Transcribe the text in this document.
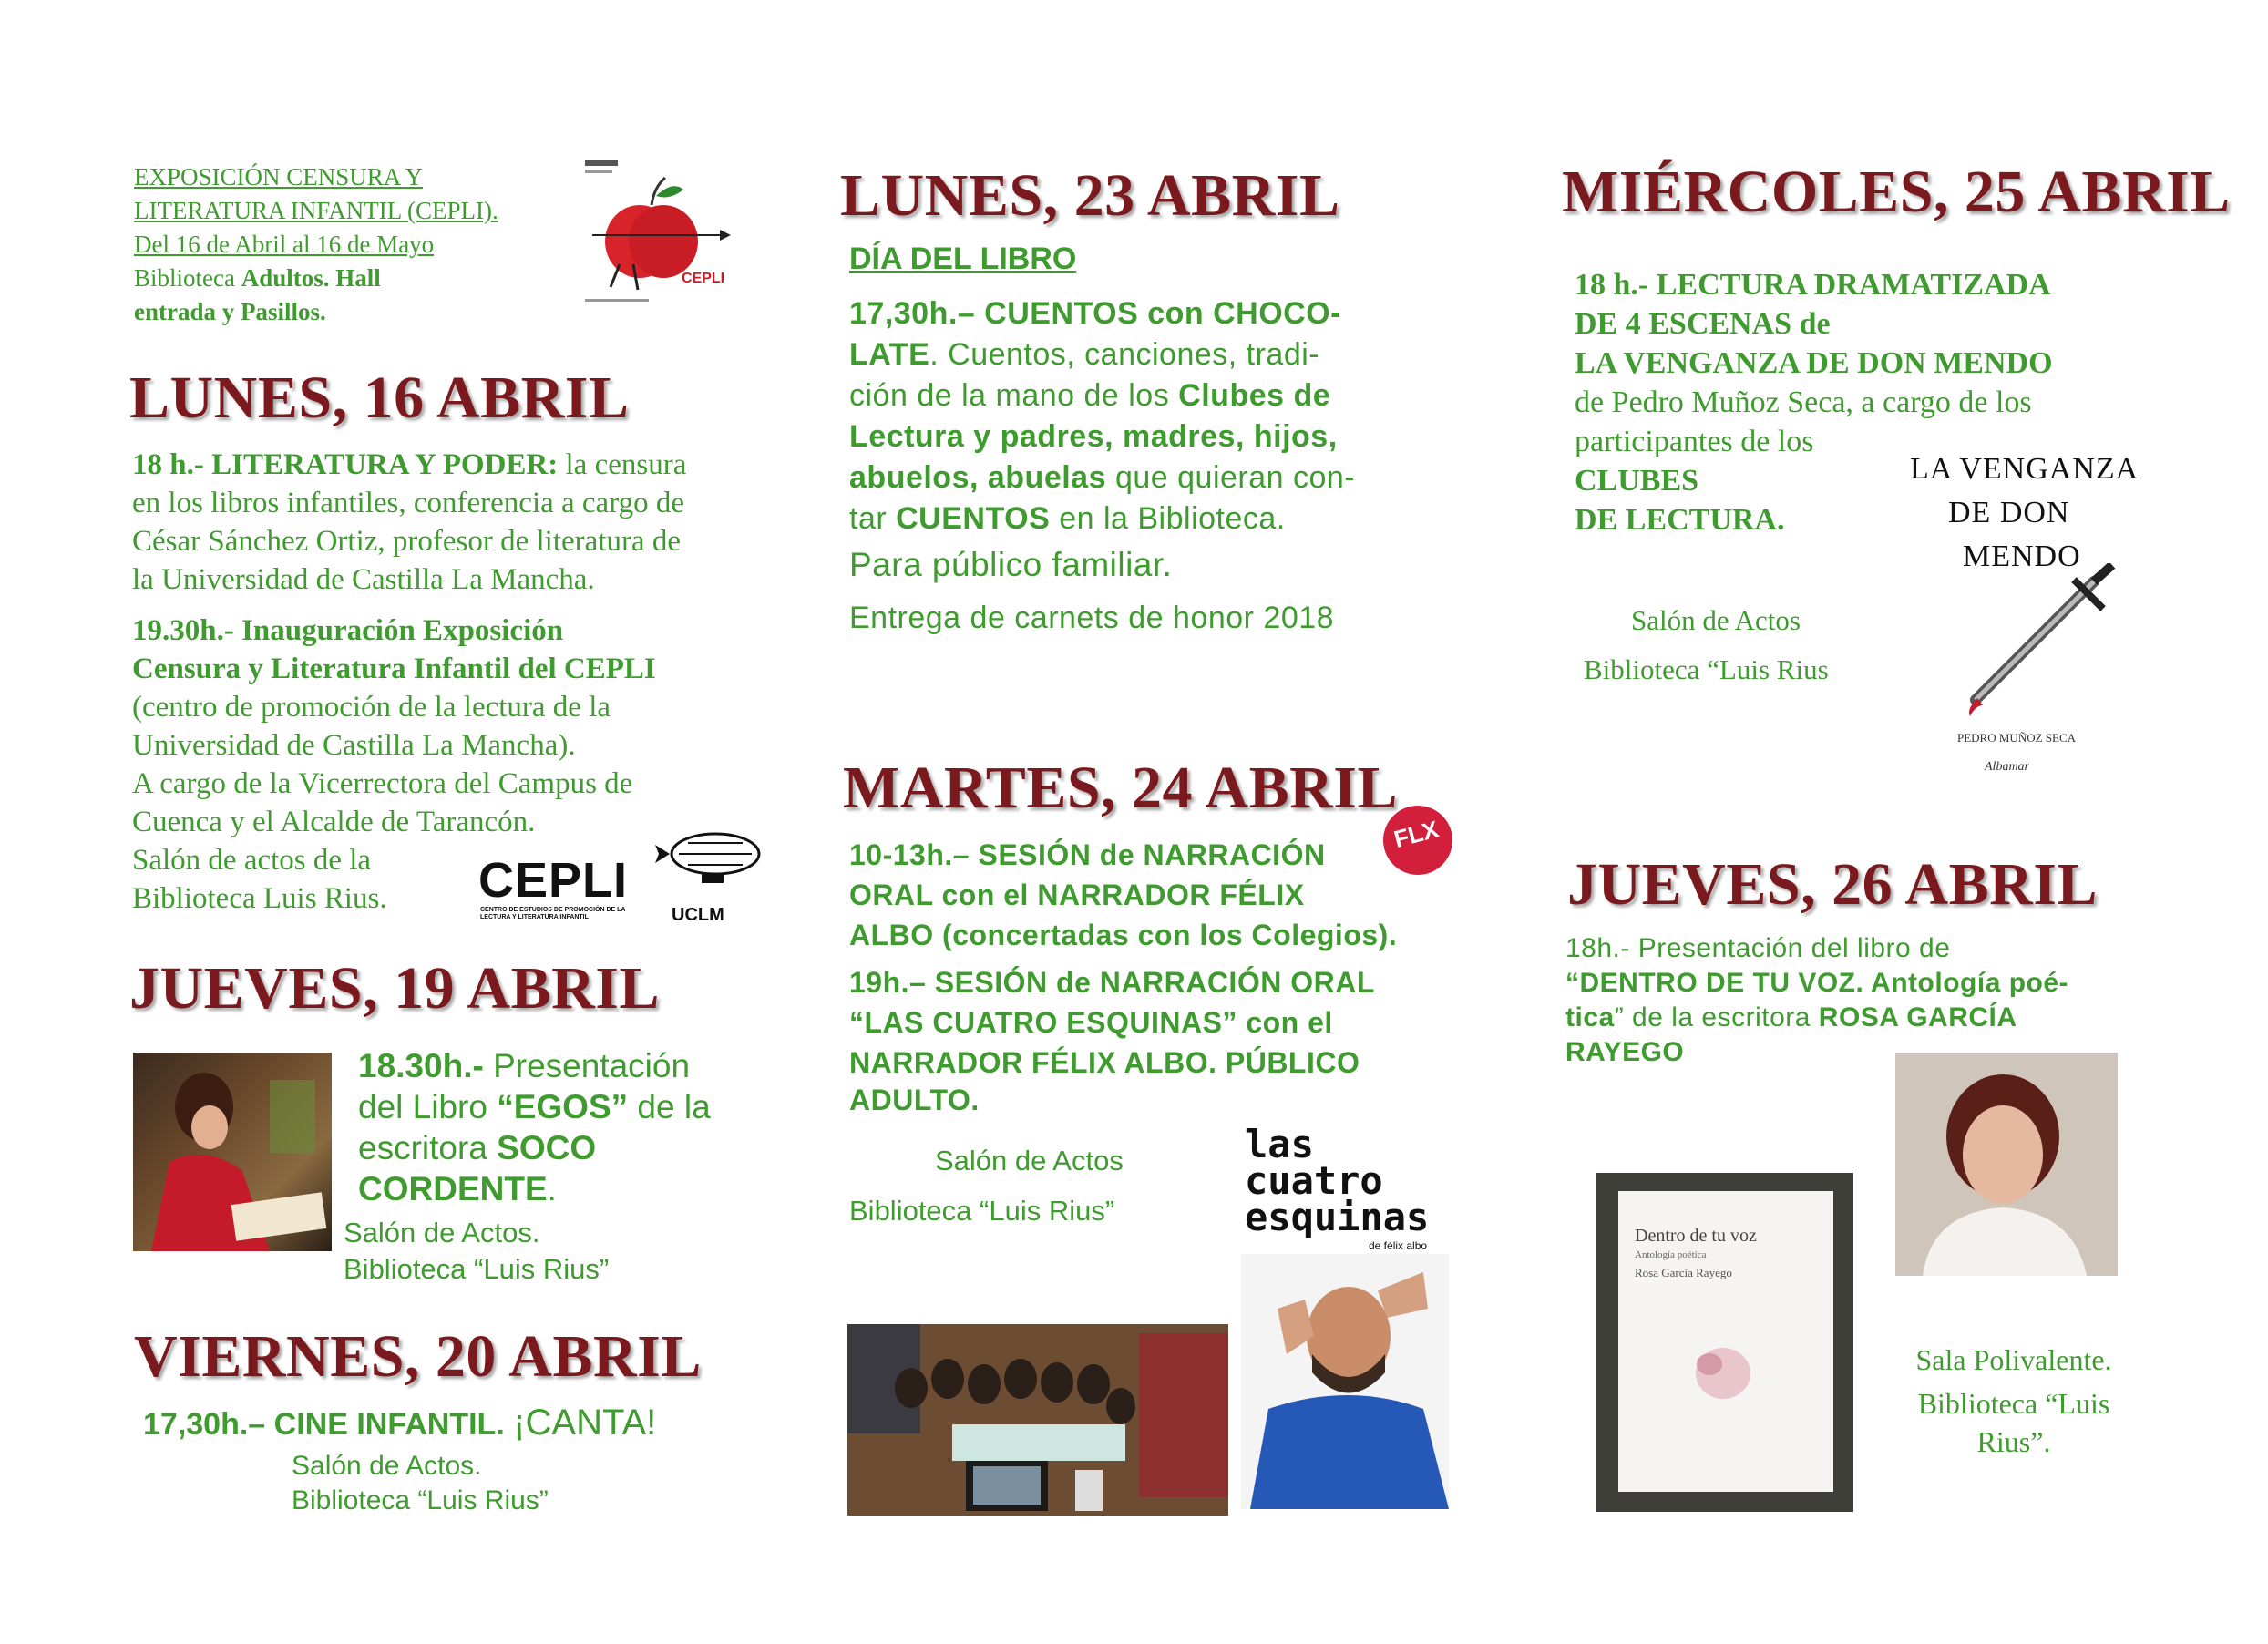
EXPOSICIÓN CENSURA Y
LITERATURA INFANTIL (CEPLI).
Del 16 de Abril al 16 de Mayo
Biblioteca Adultos. Hall
entrada y Pasillos.
CEPLI
LUNES, 16 ABRIL
18 h.- LITERATURA Y PODER: la censura
en los libros infantiles, conferencia a cargo de
César Sánchez Ortiz, profesor de literatura de
la Universidad de Castilla La Mancha.
19.30h.- Inauguración Exposición
Censura y Literatura Infantil del CEPLI
(centro de promoción de la lectura de la
Universidad de Castilla La Mancha).
A cargo de la Vicerrectora del Campus de
Cuenca y el Alcalde de Tarancón.
Salón de actos de la
Biblioteca Luis Rius.	CEPLI
CENTRO DE ESTUDIOS DE PROMOCIÓN DE LA LECTURA Y LITERATURA INFANTIL	UCLM
JUEVES, 19 ABRIL
18.30h.- Presentación
del Libro “EGOS” de la
escritora SOCO
CORDENTE.
Salón de Actos.
Biblioteca “Luis Rius”
VIERNES, 20 ABRIL
17,30h.– CINE INFANTIL. ¡CANTA!
Salón de Actos.
Biblioteca “Luis Rius”
LUNES, 23 ABRIL
DÍA DEL LIBRO
17,30h.– CUENTOS con CHOCO-
LATE. Cuentos, canciones, tradi-
ción de la mano de los Clubes de
Lectura y padres, madres, hijos,
abuelos, abuelas que quieran con-
tar CUENTOS en la Biblioteca.
Para público familiar.
Entrega de carnets de honor 2018
MARTES, 24 ABRIL
FLX
10-13h.– SESIÓN de NARRACIÓN
ORAL con el NARRADOR FÉLIX
ALBO (concertadas con los Colegios).
19h.– SESIÓN de NARRACIÓN ORAL
“LAS CUATRO ESQUINAS” con el
NARRADOR FÉLIX ALBO. PÚBLICO
ADULTO.
Salón de Actos
Biblioteca “Luis Rius”
las
cuatro
esquinas
de félix albo
MIÉRCOLES, 25 ABRIL
18 h.- LECTURA DRAMATIZADA
DE 4 ESCENAS de
LA VENGANZA DE DON MENDO
de Pedro Muñoz Seca, a cargo de los
participantes de los
CLUBES
DE LECTURA.
Salón de Actos
Biblioteca “Luis Rius
LA VENGANZA
DE DON
MENDO
PEDRO MUÑOZ SECA
Albamar
JUEVES, 26 ABRIL
18h.- Presentación del libro de
“DENTRO DE TU VOZ. Antología poé-
tica” de la escritora ROSA GARCÍA
RAYEGO
Dentro de tu voz
Antología poética
Rosa García Rayego
Sala Polivalente.
Biblioteca “Luis
Rius”.
